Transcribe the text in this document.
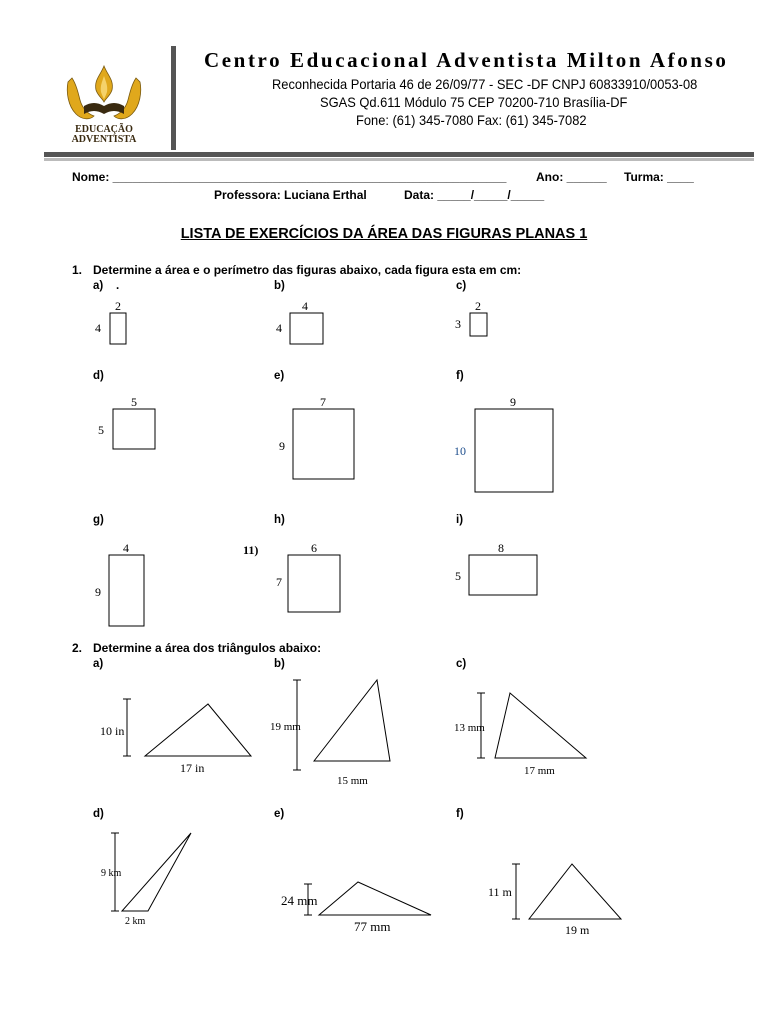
EDUCAÇÃO
ADVENTISTA
Centro Educacional Adventista Milton Afonso
Reconhecida Portaria 46 de 26/09/77 - SEC -DF CNPJ 60833910/0053-08
SGAS Qd.611 Módulo 75 CEP 70200-710 Brasília-DF
Fone: (61) 345-7080 Fax: (61) 345-7082
Nome: ___________________________________________________________ Ano: ______ Turma: ____
Professora: Luciana Erthal	Data: _____/_____/_____
LISTA DE EXERCÍCIOS DA ÁREA DAS FIGURAS PLANAS 1
1. Determine a área e o perímetro das figuras abaixo, cada figura esta em cm:
a) .	b)	c)
d)	e)	f)
g)	h)	i)
2
4
4
4
2
3
5
5
7
9
9
10
4
9
6
7
8
5
11)
2. Determine a área dos triângulos abaixo:
a)	b)	c)
d)	e)	f)
10 in
17 in
19 mm
15 mm
13 mm
17 mm
9 km
2 km
24 mm
77 mm
11 m
19 m
